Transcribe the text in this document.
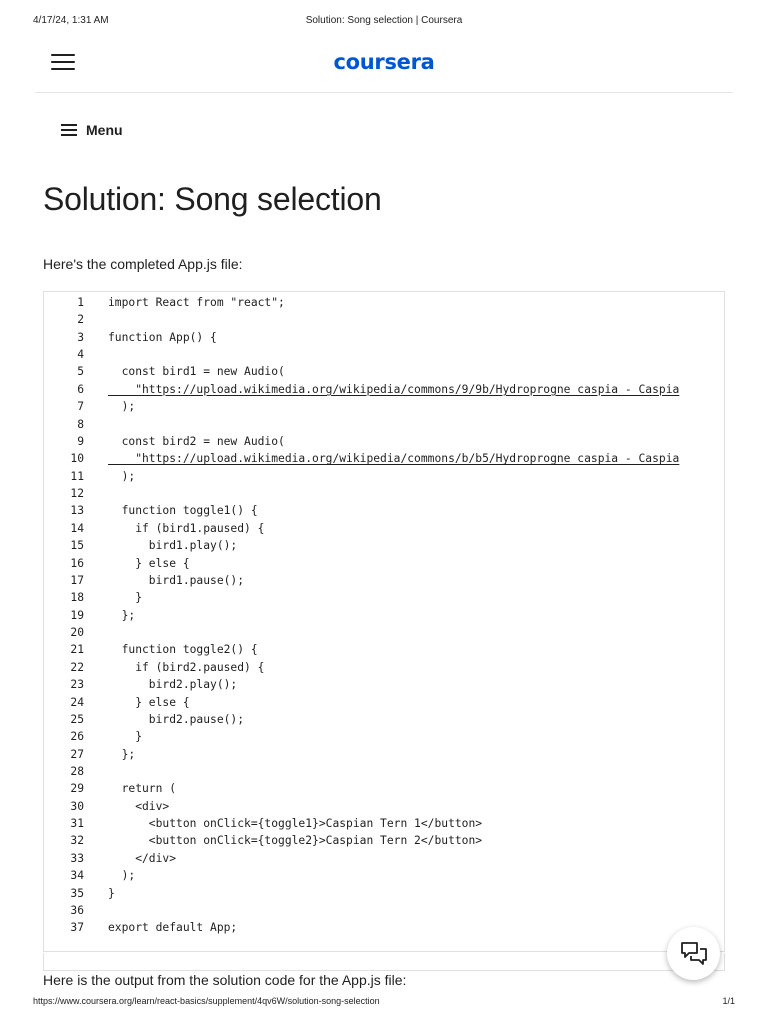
4/17/24, 1:31 AM	Solution: Song selection | Coursera
coursera
Menu
Solution: Song selection

Here's the completed App.js file:

1 import React from "react";
2
3 function App() {
4
5 const bird1 = new Audio(
6 "https://upload.wikimedia.org/wikipedia/commons/9/9b/Hydroprogne_caspia_-_Caspia
7 );
8
9 const bird2 = new Audio(
10 "https://upload.wikimedia.org/wikipedia/commons/b/b5/Hydroprogne_caspia_-_Caspia
11 );
12
13 function toggle1() {
14 if (bird1.paused) {
15 bird1.play();
16 } else {
17 bird1.pause();
18 }
19 };
20
21 function toggle2() {
22 if (bird2.paused) {
23 bird2.play();
24 } else {
25 bird2.pause();
26 }
27 };
28
29 return (
30 <div>
31 <button onClick={toggle1}>Caspian Tern 1</button>
32 <button onClick={toggle2}>Caspian Tern 2</button>
33 </div>
34 );
35 }
36
37 export default App;

Here is the output from the solution code for the App.js file:

https://www.coursera.org/learn/react-basics/supplement/4qv6W/solution-song-selection	1/1
